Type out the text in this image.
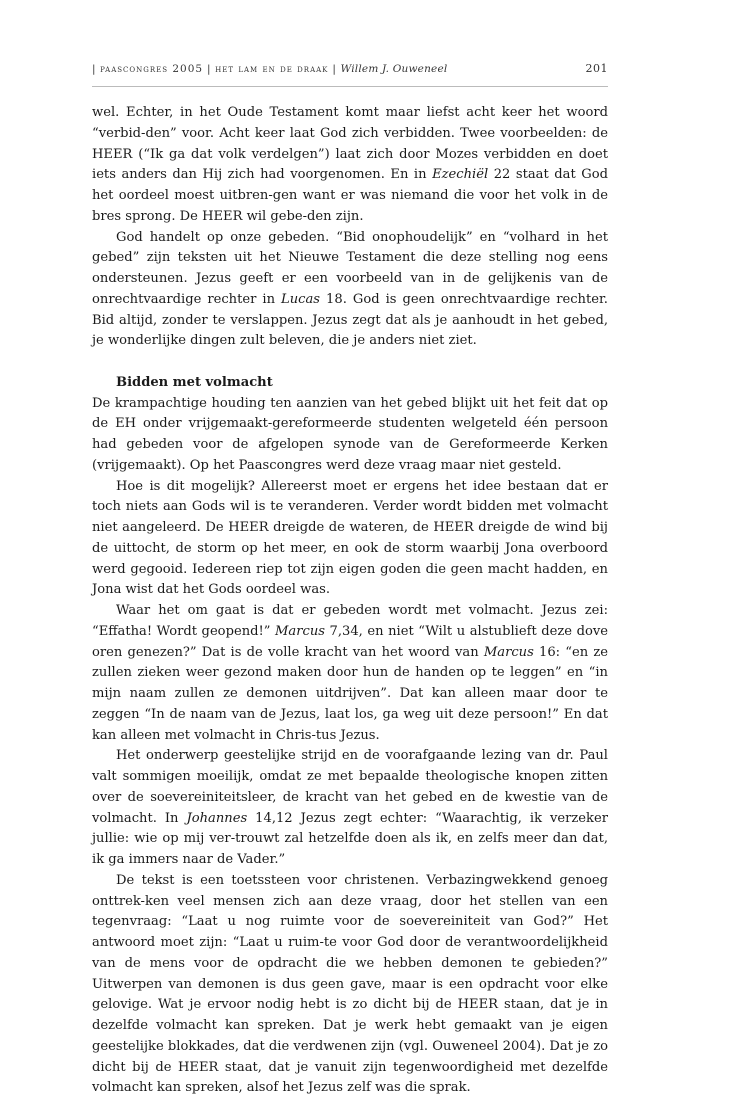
| paascongres 2005 | het lam en de draak | Willem J. Ouweneel	201

wel. Echter, in het Oude Testament komt maar liefst acht keer het woord “verbid-den” voor. Acht keer laat God zich verbidden. Twee voorbeelden: de HEER (“Ik ga dat volk verdelgen”) laat zich door Mozes verbidden en doet iets anders dan Hij zich had voorgenomen. En in Ezechiël 22 staat dat God het oordeel moest uitbren-gen want er was niemand die voor het volk in de bres sprong. De HEER wil gebe-den zijn.

God handelt op onze gebeden. “Bid onophoudelijk” en “volhard in het gebed” zijn teksten uit het Nieuwe Testament die deze stelling nog eens ondersteunen. Jezus geeft er een voorbeeld van in de gelijkenis van de onrechtvaardige rechter in Lucas 18. God is geen onrechtvaardige rechter. Bid altijd, zonder te verslappen. Jezus zegt dat als je aanhoudt in het gebed, je wonderlijke dingen zult beleven, die je anders niet ziet.

Bidden met volmacht

De krampachtige houding ten aanzien van het gebed blijkt uit het feit dat op de EH onder vrijgemaakt-gereformeerde studenten welgeteld één persoon had gebeden voor de afgelopen synode van de Gereformeerde Kerken (vrijgemaakt). Op het Paascongres werd deze vraag maar niet gesteld.

Hoe is dit mogelijk? Allereerst moet er ergens het idee bestaan dat er toch niets aan Gods wil is te veranderen. Verder wordt bidden met volmacht niet aangeleerd. De HEER dreigde de wateren, de HEER dreigde de wind bij de uittocht, de storm op het meer, en ook de storm waarbij Jona overboord werd gegooid. Iedereen riep tot zijn eigen goden die geen macht hadden, en Jona wist dat het Gods oordeel was.

Waar het om gaat is dat er gebeden wordt met volmacht. Jezus zei: “Effatha! Wordt geopend!” Marcus 7,34, en niet “Wilt u alstublieft deze dove oren genezen?” Dat is de volle kracht van het woord van Marcus 16: “en ze zullen zieken weer gezond maken door hun de handen op te leggen” en “in mijn naam zullen ze demonen uitdrijven”. Dat kan alleen maar door te zeggen “In de naam van de Jezus, laat los, ga weg uit deze persoon!” En dat kan alleen met volmacht in Chris-tus Jezus.

Het onderwerp geestelijke strijd en de voorafgaande lezing van dr. Paul valt sommigen moeilijk, omdat ze met bepaalde theologische knopen zitten over de soevereiniteitsleer, de kracht van het gebed en de kwestie van de volmacht. In Johannes 14,12 Jezus zegt echter: “Waarachtig, ik verzeker jullie: wie op mij ver-trouwt zal hetzelfde doen als ik, en zelfs meer dan dat, ik ga immers naar de Vader.”

De tekst is een toetssteen voor christenen. Verbazingwekkend genoeg onttrek-ken veel mensen zich aan deze vraag, door het stellen van een tegenvraag: “Laat u nog ruimte voor de soevereiniteit van God?” Het antwoord moet zijn: “Laat u ruim-te voor God door de verantwoordelijkheid van de mens voor de opdracht die we hebben demonen te gebieden?” Uitwerpen van demonen is dus geen gave, maar is een opdracht voor elke gelovige. Wat je ervoor nodig hebt is zo dicht bij de HEER staan, dat je in dezelfde volmacht kan spreken. Dat je werk hebt gemaakt van je eigen geestelijke blokkades, dat die verdwenen zijn (vgl. Ouweneel 2004). Dat je zo dicht bij de HEER staat, dat je vanuit zijn tegenwoordigheid met dezelfde volmacht kan spreken, alsof het Jezus zelf was die sprak.
